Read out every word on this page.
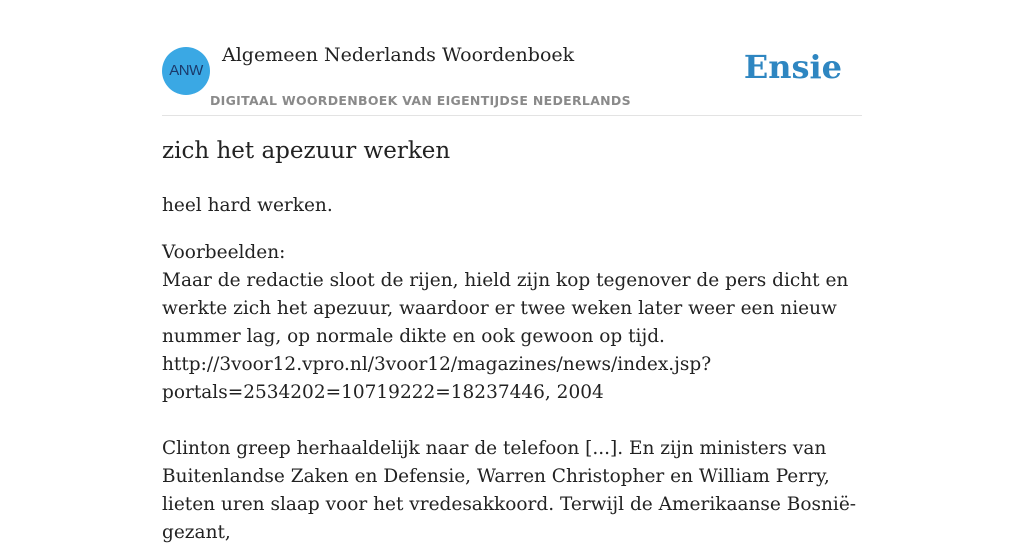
ANW
Algemeen Nederlands Woordenboek
DIGITAAL WOORDENBOEK VAN EIGENTIJDSE NEDERLANDS
Ensie
zich het apezuur werken

heel hard werken.

Voorbeelden:
Maar de redactie sloot de rijen, hield zijn kop tegenover de pers dicht en werkte zich het apezuur, waardoor er twee weken later weer een nieuw nummer lag, op normale dikte en ook gewoon op tijd.
http://3voor12.vpro.nl/3voor12/magazines/news/index.jsp?portals=2534202=10719222=18237446, 2004
Clinton greep herhaaldelijk naar de telefoon [...]. En zijn ministers van Buitenlandse Zaken en Defensie, Warren Christopher en William Perry, lieten uren slaap voor het vredesakkoord. Terwijl de Amerikaanse Bosnië-gezant,
